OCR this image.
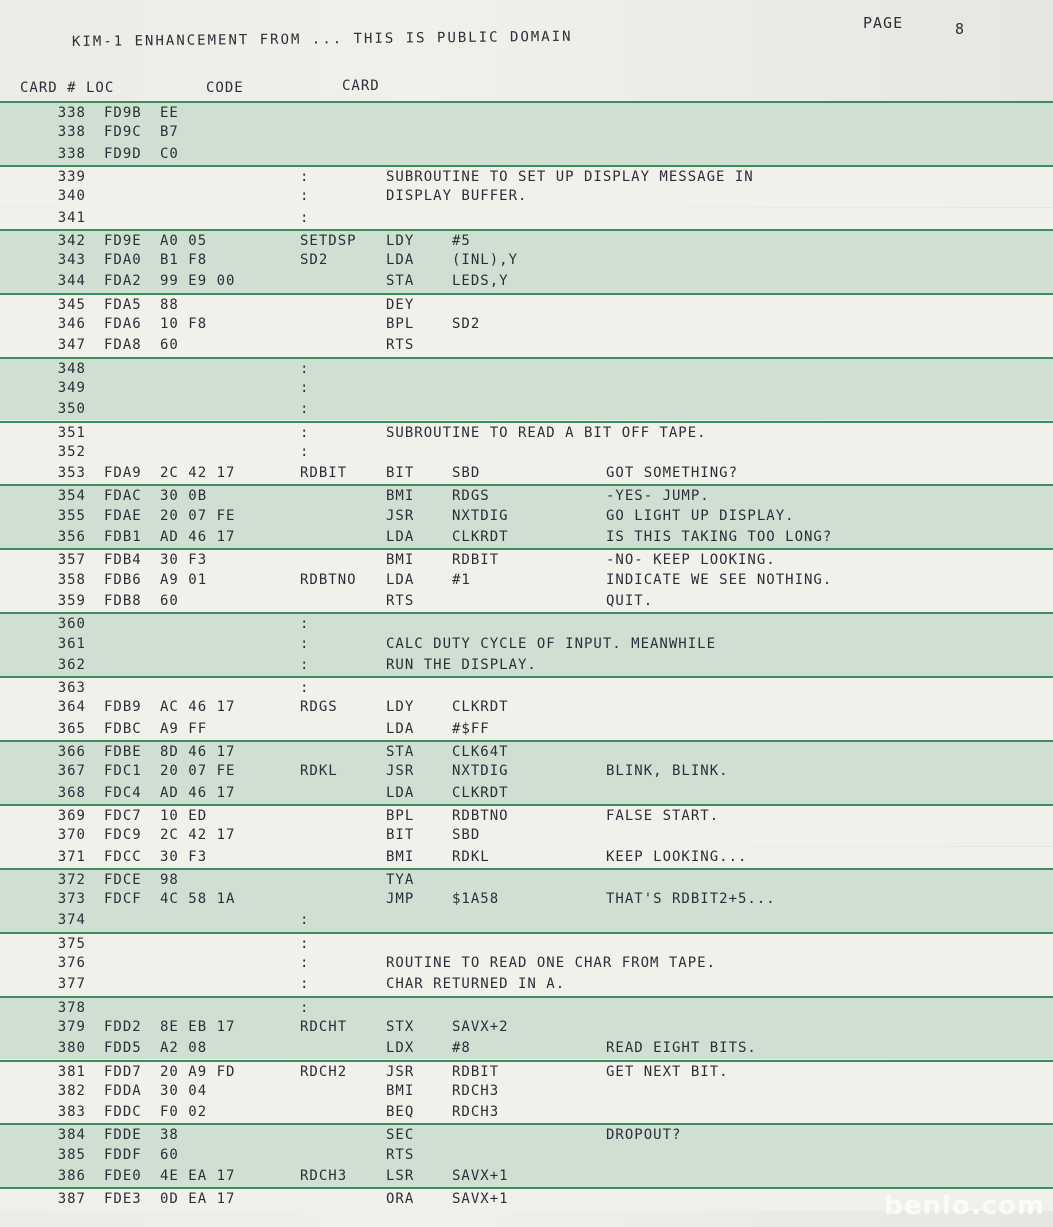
PAGE	8
KIM-1 ENHANCEMENT FROM ... THIS IS PUBLIC DOMAIN
CARD # LOC	CODE	CARD
338 FD9B EE
338 FD9C B7
338 FD9D C0
339	:	SUBROUTINE TO SET UP DISPLAY MESSAGE IN
340	:	DISPLAY BUFFER.
341	:
342 FD9E A0 05	SETDSP LDY	#5
343 FDA0 B1 F8	SD2	LDA	(INL),Y
344 FDA2 99 E9 00	STA	LEDS,Y
345 FDA5 88	DEY
346 FDA6 10 F8	BPL	SD2
347 FDA8 60	RTS
348	:
349	:
350	:
351	:	SUBROUTINE TO READ A BIT OFF TAPE.
352	:
353 FDA9 2C 42 17	RDBIT	BIT	SBD	GOT SOMETHING?
354 FDAC 30 0B	BMI	RDGS	-YES- JUMP.
355 FDAE 20 07 FE	JSR	NXTDIG	GO LIGHT UP DISPLAY.
356 FDB1 AD 46 17	LDA	CLKRDT	IS THIS TAKING TOO LONG?
357 FDB4 30 F3	BMI	RDBIT	-NO- KEEP LOOKING.
358 FDB6 A9 01	RDBTNO LDA	#1	INDICATE WE SEE NOTHING.
359 FDB8 60	RTS	QUIT.
360	:
361	:	CALC DUTY CYCLE OF INPUT. MEANWHILE
362	:	RUN THE DISPLAY.
363	:
364 FDB9 AC 46 17	RDGS	LDY	CLKRDT
365 FDBC A9 FF	LDA	#$FF
366 FDBE 8D 46 17	STA	CLK64T
367 FDC1 20 07 FE	RDKL	JSR	NXTDIG	BLINK, BLINK.
368 FDC4 AD 46 17	LDA	CLKRDT
369 FDC7 10 ED	BPL	RDBTNO	FALSE START.
370 FDC9 2C 42 17	BIT	SBD
371 FDCC 30 F3	BMI	RDKL	KEEP LOOKING...
372 FDCE 98	TYA
373 FDCF 4C 58 1A	JMP	$1A58	THAT'S RDBIT2+5...
374	:
375	:
376	:	ROUTINE TO READ ONE CHAR FROM TAPE.
377	:	CHAR RETURNED IN A.
378	:
379 FDD2 8E EB 17	RDCHT	STX	SAVX+2
380 FDD5 A2 08	LDX	#8	READ EIGHT BITS.
381 FDD7 20 A9 FD	RDCH2	JSR	RDBIT	GET NEXT BIT.
382 FDDA 30 04	BMI	RDCH3
383 FDDC F0 02	BEQ	RDCH3
384 FDDE 38	SEC	DROPOUT?
385 FDDF 60	RTS
386 FDE0 4E EA 17	RDCH3	LSR	SAVX+1
387 FDE3 0D EA 17	ORA	SAVX+1	benlo.com
